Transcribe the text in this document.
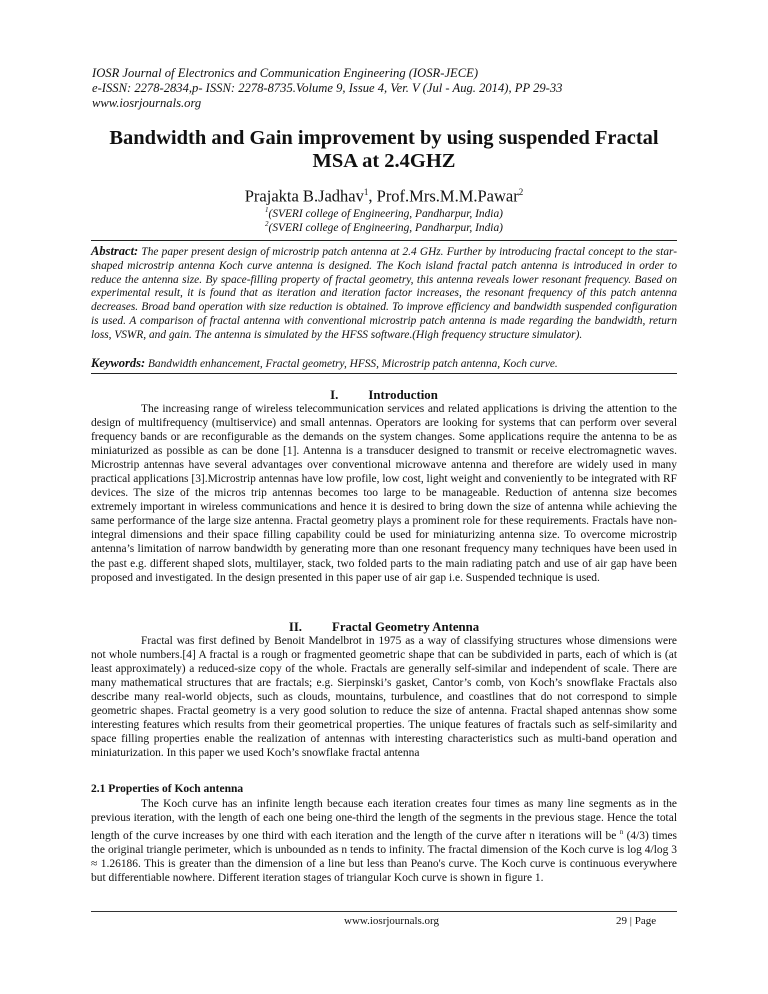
IOSR Journal of Electronics and Communication Engineering (IOSR-JECE)
e-ISSN: 2278-2834,p- ISSN: 2278-8735.Volume 9, Issue 4, Ver. V (Jul - Aug. 2014), PP 29-33
www.iosrjournals.org
Bandwidth and Gain improvement by using suspended Fractal
MSA at 2.4GHZ
Prajakta B.Jadhav$^1$, Prof.Mrs.M.M.Pawar$^2$
$^1$(SVERI college of Engineering, Pandharpur, India)
$^2$(SVERI college of Engineering, Pandharpur, India)
Abstract: The paper present design of microstrip patch antenna at 2.4 GHz. Further by introducing fractal concept to the star-shaped microstrip antenna Koch curve antenna is designed. The Koch island fractal patch antenna is introduced in order to reduce the antenna size. By space-filling property of fractal geometry, this antenna reveals lower resonant frequency. Based on experimental result, it is found that as iteration and iteration factor increases, the resonant frequency of this patch antenna decreases. Broad band operation with size reduction is obtained. To improve efficiency and bandwidth suspended configuration is used. A comparison of fractal antenna with conventional microstrip patch antenna is made regarding the bandwidth, return loss, VSWR, and gain. The antenna is simulated by the HFSS software.(High frequency structure simulator).
Keywords: Bandwidth enhancement, Fractal geometry, HFSS, Microstrip patch antenna, Koch curve.
I. Introduction
The increasing range of wireless telecommunication services and related applications is driving the attention to the design of multifrequency (multiservice) and small antennas. Operators are looking for systems that can perform over several frequency bands or are reconfigurable as the demands on the system changes. Some applications require the antenna to be as miniaturized as possible as can be done [1]. Antenna is a transducer designed to transmit or receive electromagnetic waves. Microstrip antennas have several advantages over conventional microwave antenna and therefore are widely used in many practical applications [3].Microstrip antennas have low profile, low cost, light weight and conveniently to be integrated with RF devices. The size of the micros trip antennas becomes too large to be manageable. Reduction of antenna size becomes extremely important in wireless communications and hence it is desired to bring down the size of antenna while achieving the same performance of the large size antenna. Fractal geometry plays a prominent role for these requirements. Fractals have non-integral dimensions and their space filling capability could be used for miniaturizing antenna size. To overcome microstrip antenna’s limitation of narrow bandwidth by generating more than one resonant frequency many techniques have been used in the past e.g. different shaped slots, multilayer, stack, two folded parts to the main radiating patch and use of air gap have been proposed and investigated. In the design presented in this paper use of air gap i.e. Suspended technique is used.
II. Fractal Geometry Antenna
Fractal was first defined by Benoit Mandelbrot in 1975 as a way of classifying structures whose dimensions were not whole numbers.[4] A fractal is a rough or fragmented geometric shape that can be subdivided in parts, each of which is (at least approximately) a reduced-size copy of the whole. Fractals are generally self-similar and independent of scale. There are many mathematical structures that are fractals; e.g. Sierpinski’s gasket, Cantor’s comb, von Koch’s snowflake Fractals also describe many real-world objects, such as clouds, mountains, turbulence, and coastlines that do not correspond to simple geometric shapes. Fractal geometry is a very good solution to reduce the size of antenna. Fractal shaped antennas show some interesting features which results from their geometrical properties. The unique features of fractals such as self-similarity and space filling properties enable the realization of antennas with interesting characteristics such as multi-band operation and miniaturization. In this paper we used Koch’s snowflake fractal antenna
2.1 Properties of Koch antenna
The Koch curve has an infinite length because each iteration creates four times as many line segments as in the previous iteration, with the length of each one being one-third the length of the segments in the previous stage. Hence the total length of the curve increases by one third with each iteration and the length of the curve after n iterations will be $^n$ (4/3) times the original triangle perimeter, which is unbounded as n tends to infinity. The fractal dimension of the Koch curve is log 4/log 3 ≈ 1.26186. This is greater than the dimension of a line but less than Peano's curve. The Koch curve is continuous everywhere but differentiable nowhere. Different iteration stages of triangular Koch curve is shown in figure 1.
www.iosrjournals.org	29 | Page
